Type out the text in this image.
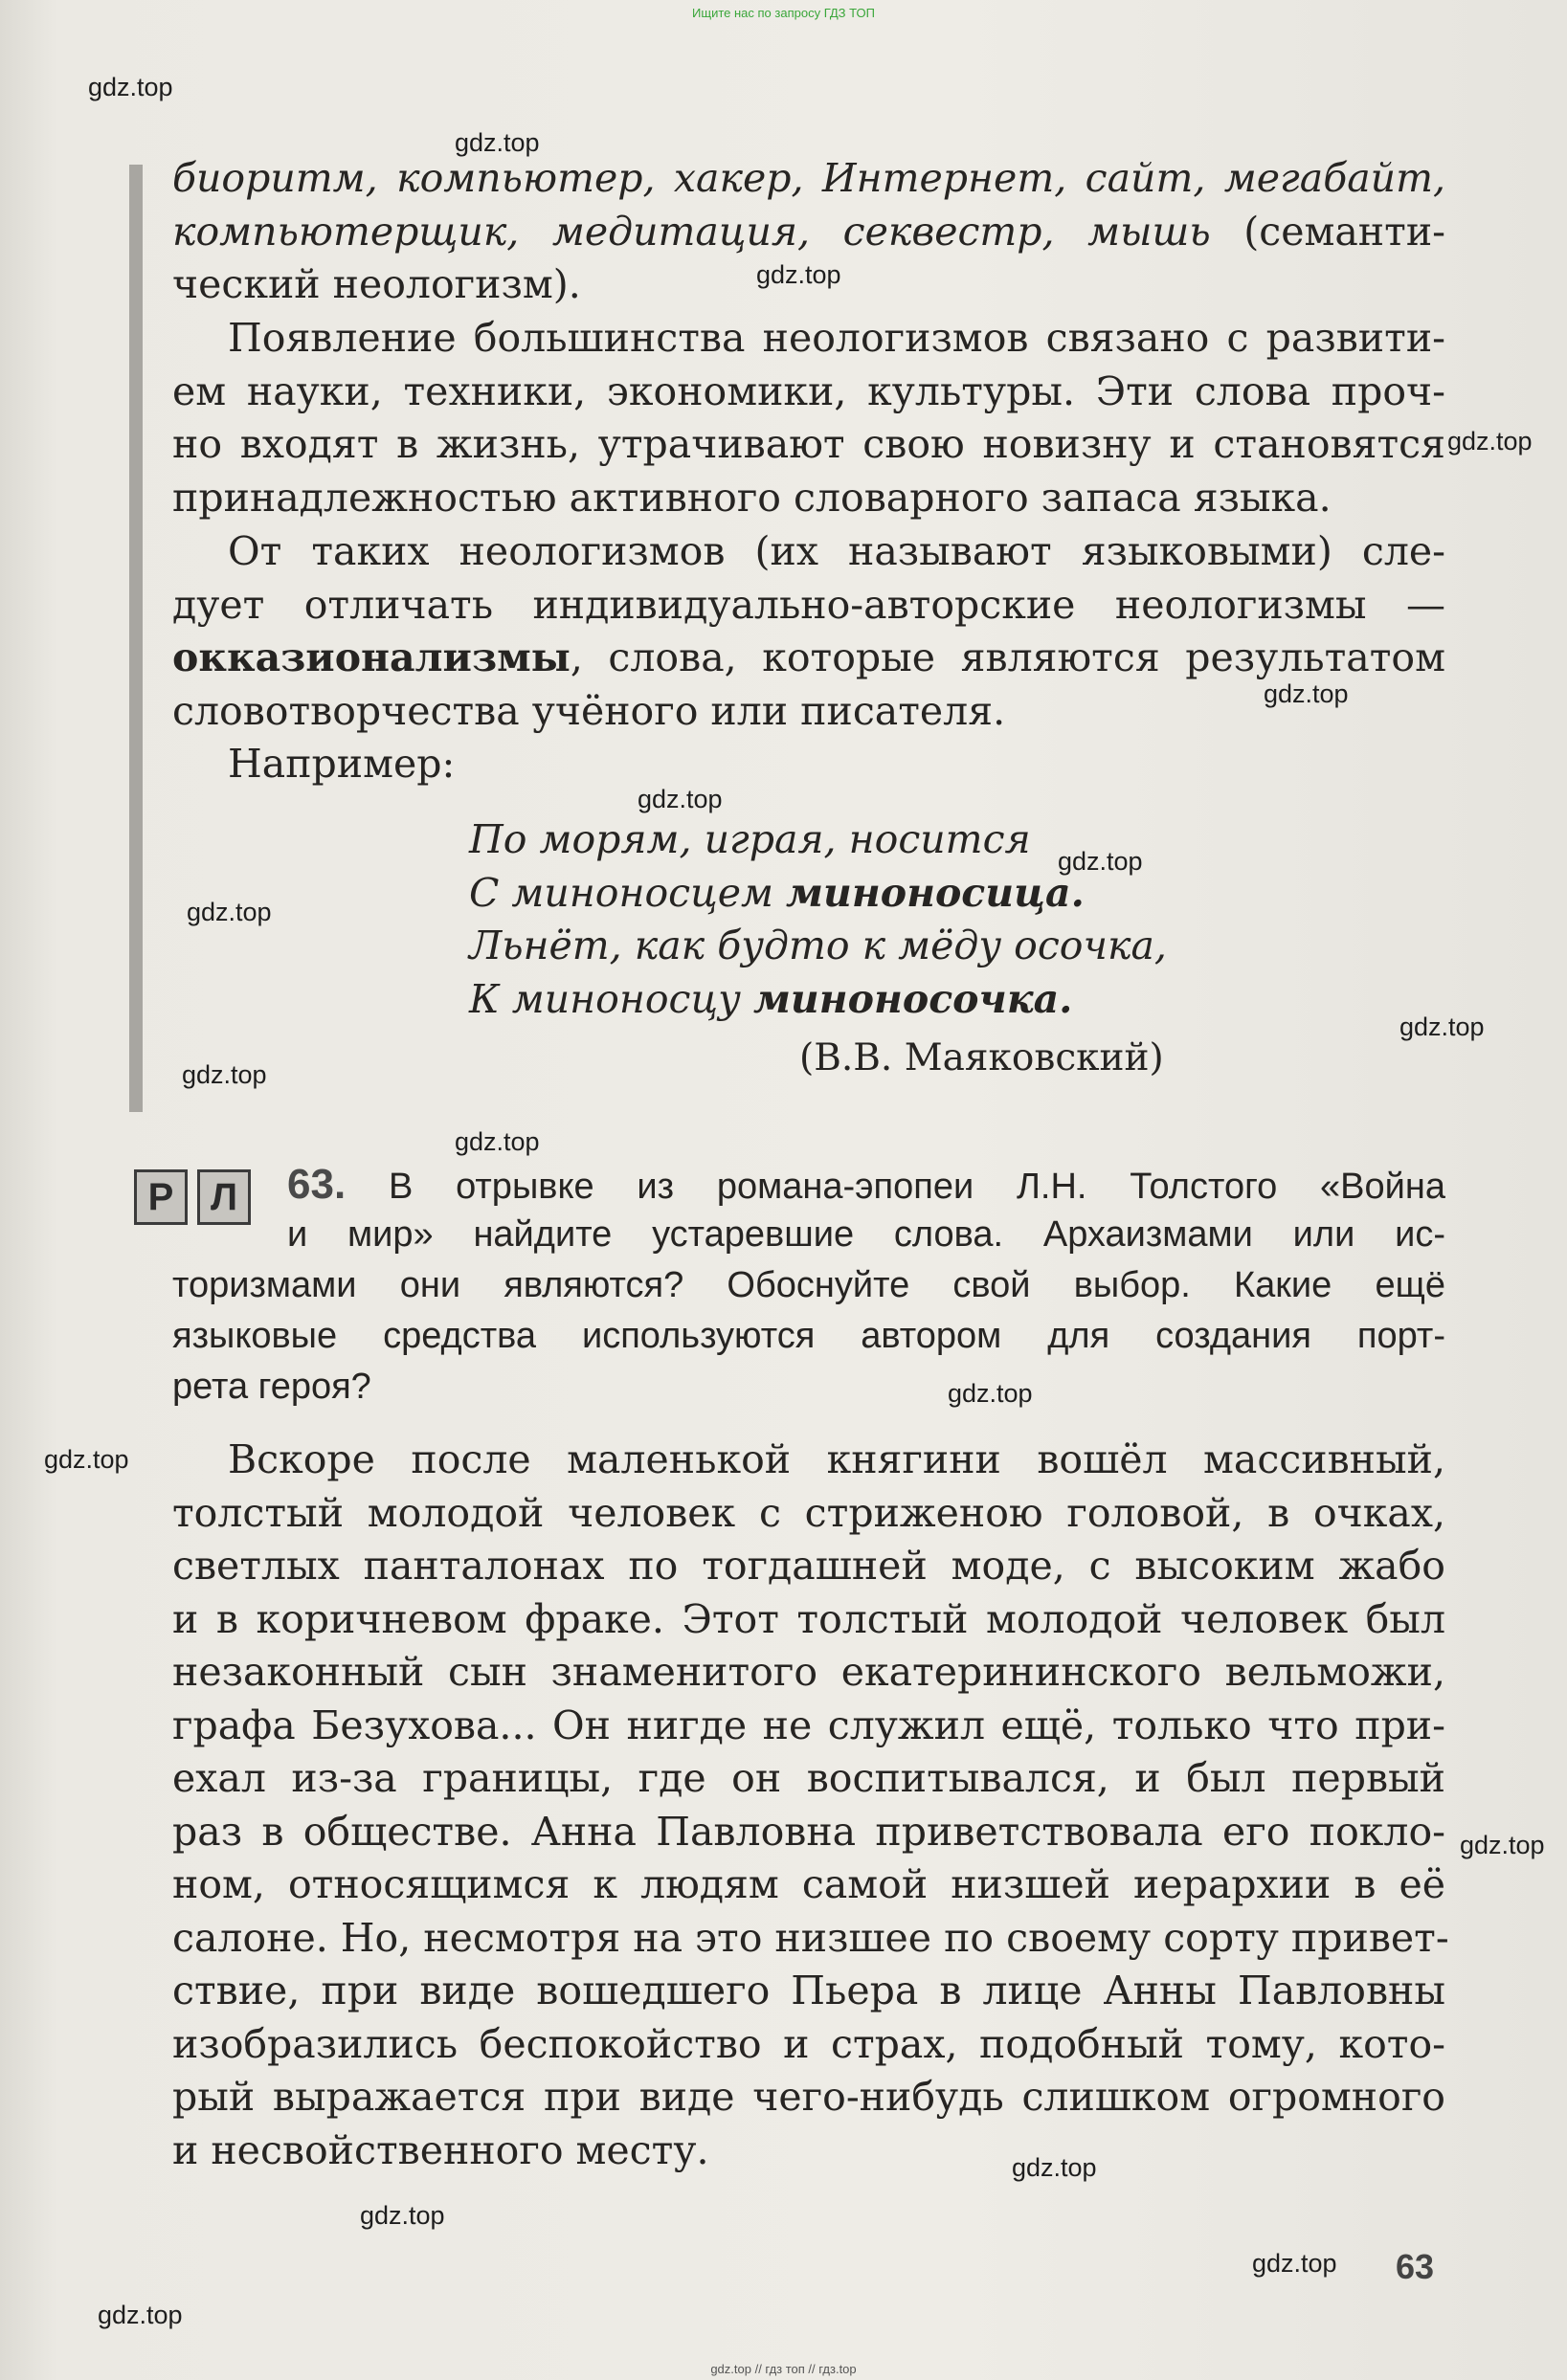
Ищите нас по запросу ГДЗ ТОП
gdz.top
gdz.top
gdz.top
gdz.top
gdz.top
gdz.top
gdz.top
gdz.top
gdz.top
gdz.top
gdz.top
gdz.top
gdz.top
gdz.top
gdz.top
gdz.top
gdz.top
gdz.top
биоритм, компьютер, хакер, Интернет, сайт, мегабайт,
компьютерщик, медитация, секвестр, мышь (семанти-
ческий неологизм).
Появление большинства неологизмов связано с развити-
ем науки, техники, экономики, культуры. Эти слова проч-
но входят в жизнь, утрачивают свою новизну и становятся
принадлежностью активного словарного запаса языка.
От таких неологизмов (их называют языковыми) сле-
дует отличать индивидуально-авторские неологизмы —
окказионализмы, слова, которые являются результатом
словотворчества учёного или писателя.
Например:
По морям, играя, носится
С миноносцем миноносица.
Льнёт, как будто к мёду осочка,
К миноносцу миноносочка.
(В.В. Маяковский)
Р Л	63. В отрывке из романа-эпопеи Л.Н. Толстого «Война
и мир» найдите устаревшие слова. Архаизмами или ис-
торизмами они являются? Обоснуйте свой выбор. Какие ещё
языковые средства используются автором для создания порт-
рета героя?
Вскоре после маленькой княгини вошёл массивный,
толстый молодой человек с стриженою головой, в очках,
светлых панталонах по тогдашней моде, с высоким жабо
и в коричневом фраке. Этот толстый молодой человек был
незаконный сын знаменитого екатерининского вельможи,
графа Безухова... Он нигде не служил ещё, только что при-
ехал из-за границы, где он воспитывался, и был первый
раз в обществе. Анна Павловна приветствовала его покло-
ном, относящимся к людям самой низшей иерархии в её
салоне. Но, несмотря на это низшее по своему сорту привет-
ствие, при виде вошедшего Пьера в лице Анны Павловны
изобразились беспокойство и страх, подобный тому, кото-
рый выражается при виде чего-нибудь слишком огромного
и несвойственного месту.
63
gdz.top // гдз топ // гдз.top
